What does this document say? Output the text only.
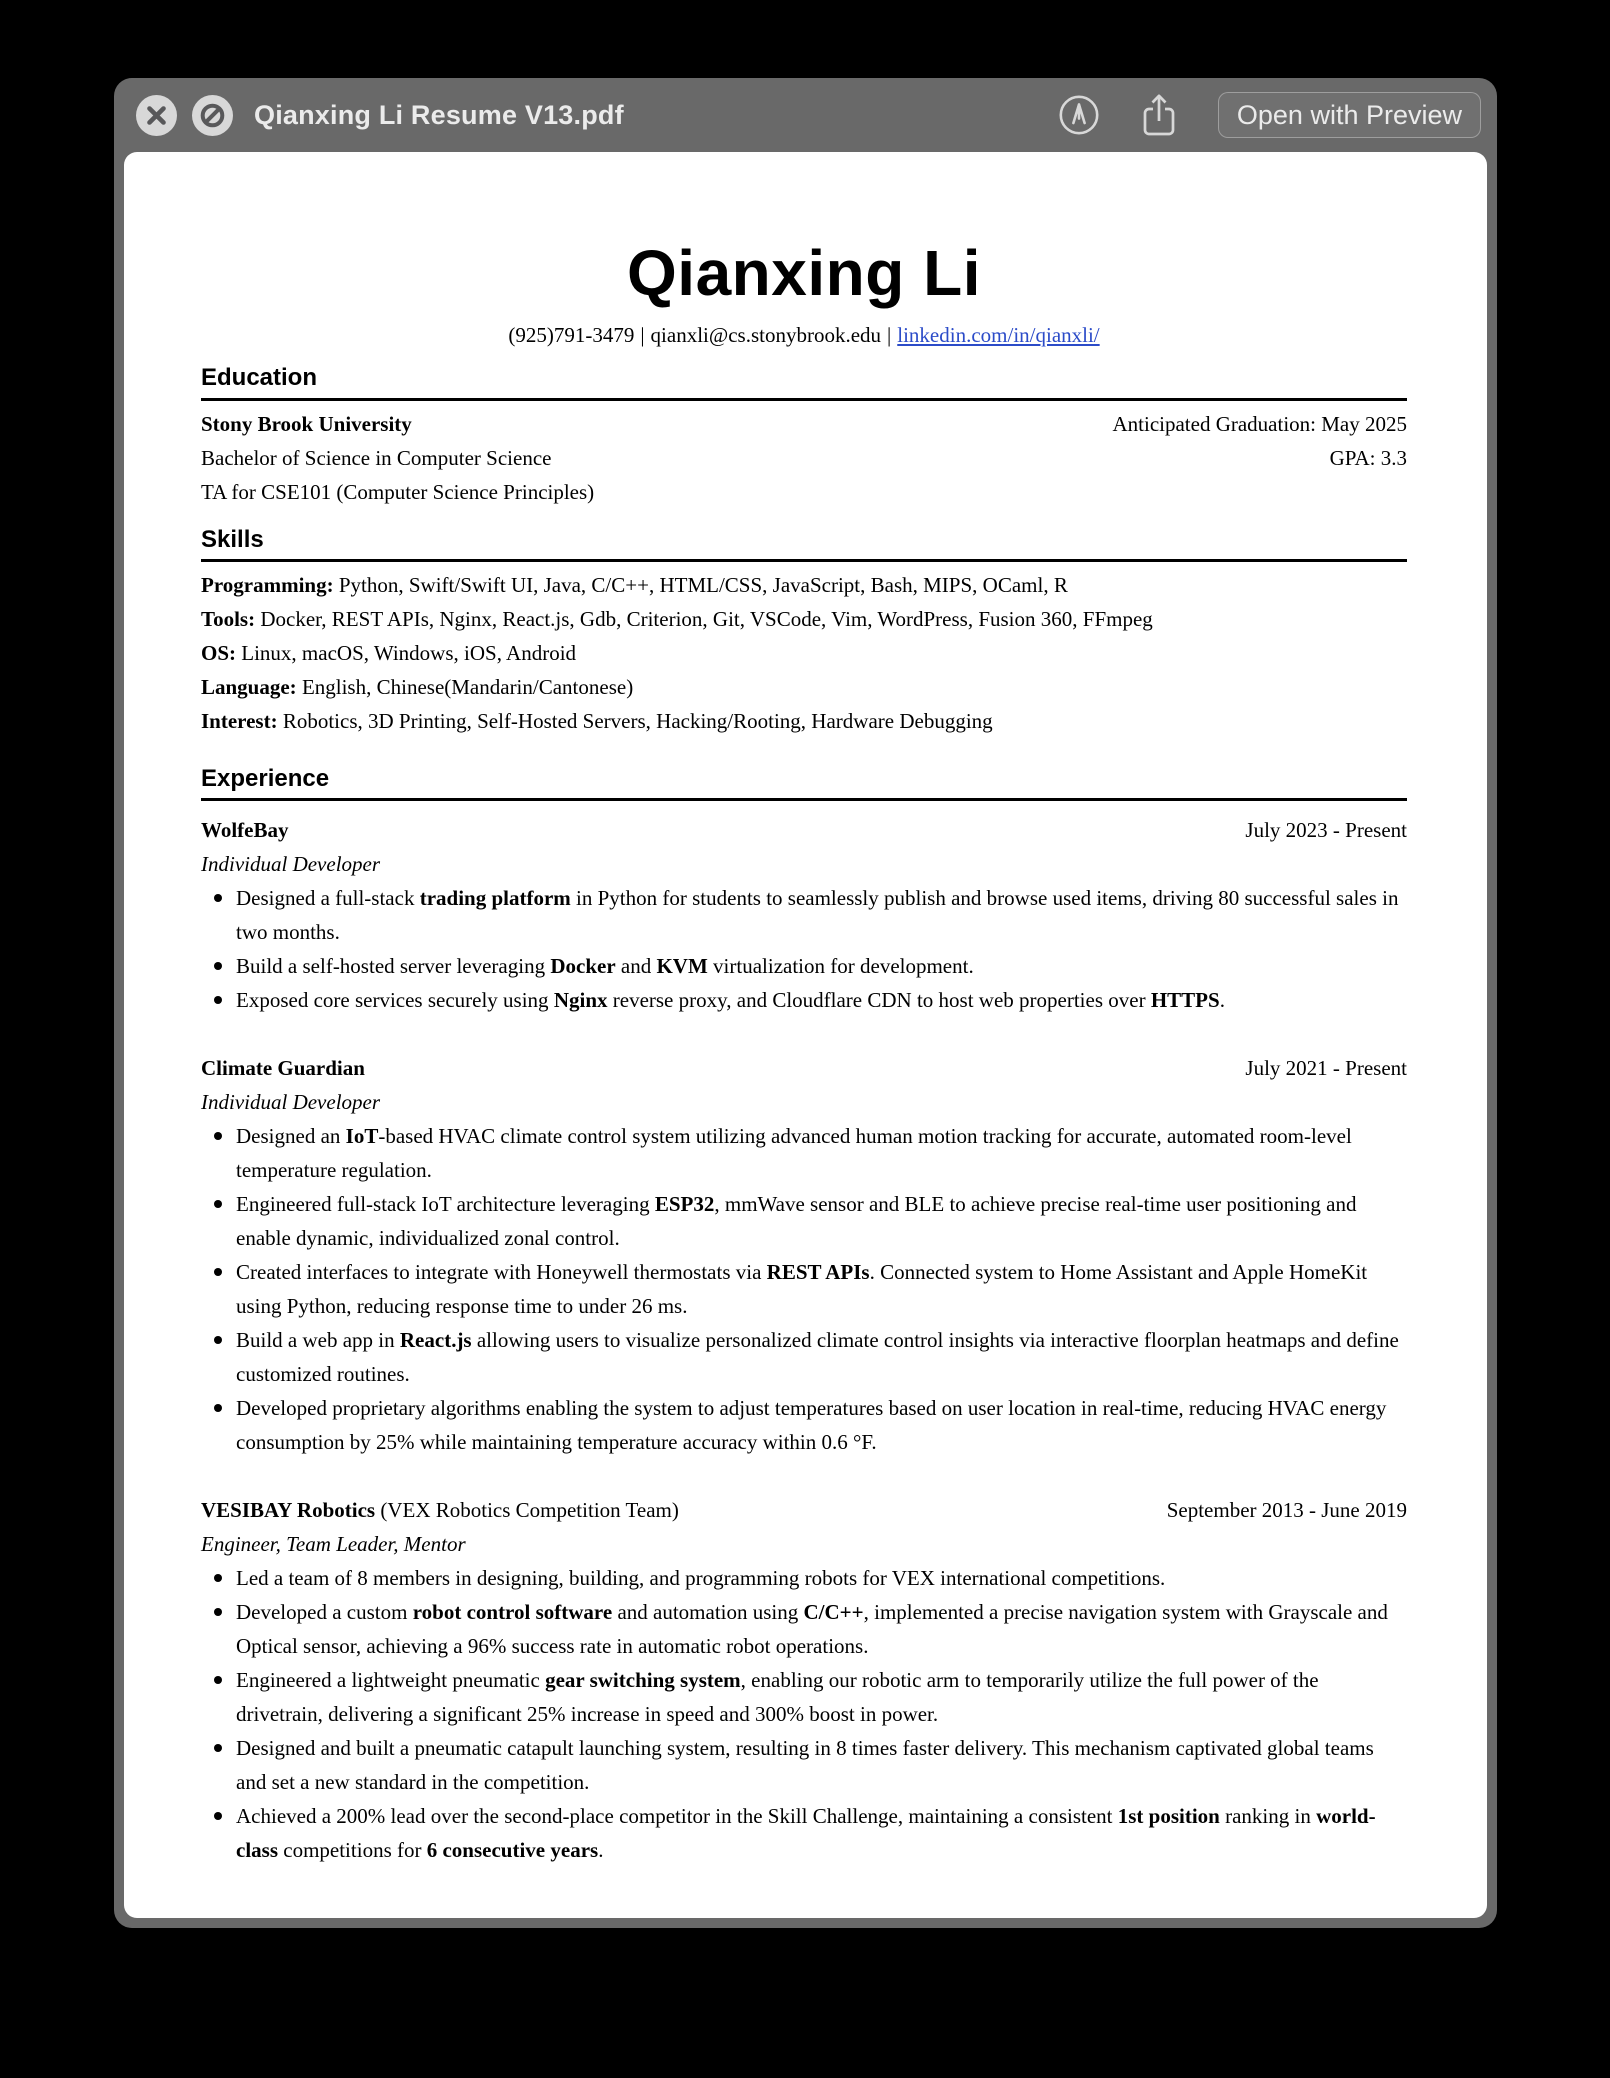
Qianxing Li Resume V13.pdf	Open with Preview
Qianxing Li
(925)791-3479 | qianxli@cs.stonybrook.edu | linkedin.com/in/qianxli/
Education
Stony Brook University	Anticipated Graduation: May 2025
Bachelor of Science in Computer Science	GPA: 3.3
TA for CSE101 (Computer Science Principles)
Skills
Programming: Python, Swift/Swift UI, Java, C/C++, HTML/CSS, JavaScript, Bash, MIPS, OCaml, R
Tools: Docker, REST APIs, Nginx, React.js, Gdb, Criterion, Git, VSCode, Vim, WordPress, Fusion 360, FFmpeg
OS: Linux, macOS, Windows, iOS, Android
Language: English, Chinese(Mandarin/Cantonese)
Interest: Robotics, 3D Printing, Self-Hosted Servers, Hacking/Rooting, Hardware Debugging
Experience
WolfeBay	July 2023 - Present
Individual Developer
Designed a full-stack trading platform in Python for students to seamlessly publish and browse used items, driving 80 successful sales in two months.
Build a self-hosted server leveraging Docker and KVM virtualization for development.
Exposed core services securely using Nginx reverse proxy, and Cloudflare CDN to host web properties over HTTPS.
Climate Guardian	July 2021 - Present
Individual Developer
Designed an IoT-based HVAC climate control system utilizing advanced human motion tracking for accurate, automated room-level temperature regulation.
Engineered full-stack IoT architecture leveraging ESP32, mmWave sensor and BLE to achieve precise real-time user positioning and enable dynamic, individualized zonal control.
Created interfaces to integrate with Honeywell thermostats via REST APIs. Connected system to Home Assistant and Apple HomeKit using Python, reducing response time to under 26 ms.
Build a web app in React.js allowing users to visualize personalized climate control insights via interactive floorplan heatmaps and define customized routines.
Developed proprietary algorithms enabling the system to adjust temperatures based on user location in real-time, reducing HVAC energy consumption by 25% while maintaining temperature accuracy within 0.6 °F.
VESIBAY Robotics (VEX Robotics Competition Team)	September 2013 - June 2019
Engineer, Team Leader, Mentor
Led a team of 8 members in designing, building, and programming robots for VEX international competitions.
Developed a custom robot control software and automation using C/C++, implemented a precise navigation system with Grayscale and Optical sensor, achieving a 96% success rate in automatic robot operations.
Engineered a lightweight pneumatic gear switching system, enabling our robotic arm to temporarily utilize the full power of the drivetrain, delivering a significant 25% increase in speed and 300% boost in power.
Designed and built a pneumatic catapult launching system, resulting in 8 times faster delivery. This mechanism captivated global teams and set a new standard in the competition.
Achieved a 200% lead over the second-place competitor in the Skill Challenge, maintaining a consistent 1st position ranking in world-class competitions for 6 consecutive years.
